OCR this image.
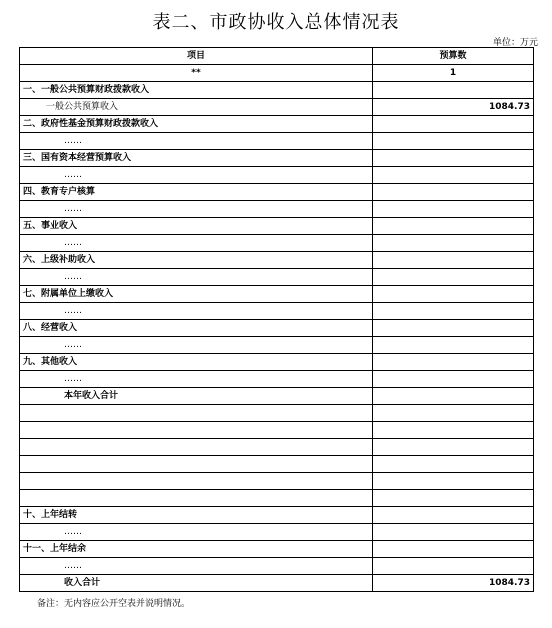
表二、市政协收入总体情况表
单位：万元
项目	预算数
**	1
一、一般公共预算财政拨款收入	
一般公共预算收入	1084.73
二、政府性基金预算财政拨款收入	
……	
三、国有资本经营预算收入	
……	
四、教育专户核算	
……	
五、事业收入	
……	
六、上级补助收入	
……	
七、附属单位上缴收入	
……	
八、经营收入	
……	
九、其他收入	
……	
本年收入合计	

十、上年结转	
……	
十一、上年结余	
……	
收入合计	1084.73
备注：无内容应公开空表并说明情况。
